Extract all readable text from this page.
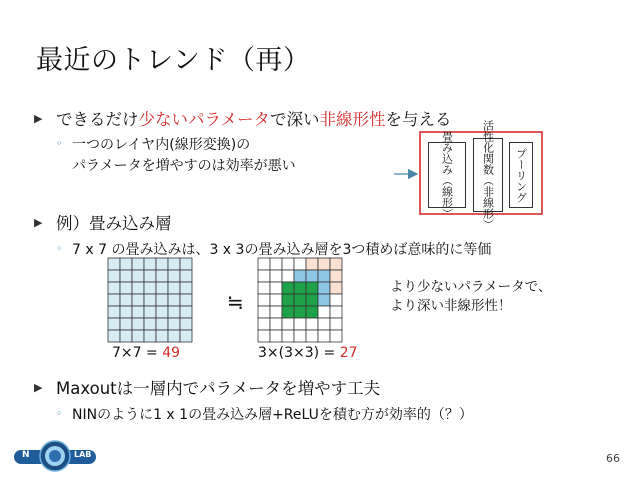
最近のトレンド（再）
▶ できるだけ少ないパラメータで深い非線形性を与える
◦ 一つのレイヤ内(線形変換)の
パラメータを増やすのは効率が悪い	畳み込み（線形）	活性化関数（非線形） プーリング
▶ 例）畳み込み層
◦ 7 x 7 の畳み込みは、3 x 3の畳み込み層を3つ積めば意味的に等価
≒
7×7 = 49	3×(3×3) = 27
より少ないパラメータで、
より深い非線形性！
▶ Maxoutは一層内でパラメータを増やす工夫
◦ NINのように1 x 1の畳み込み層+ReLUを積む方が効率的（？）
N	LAB	66
